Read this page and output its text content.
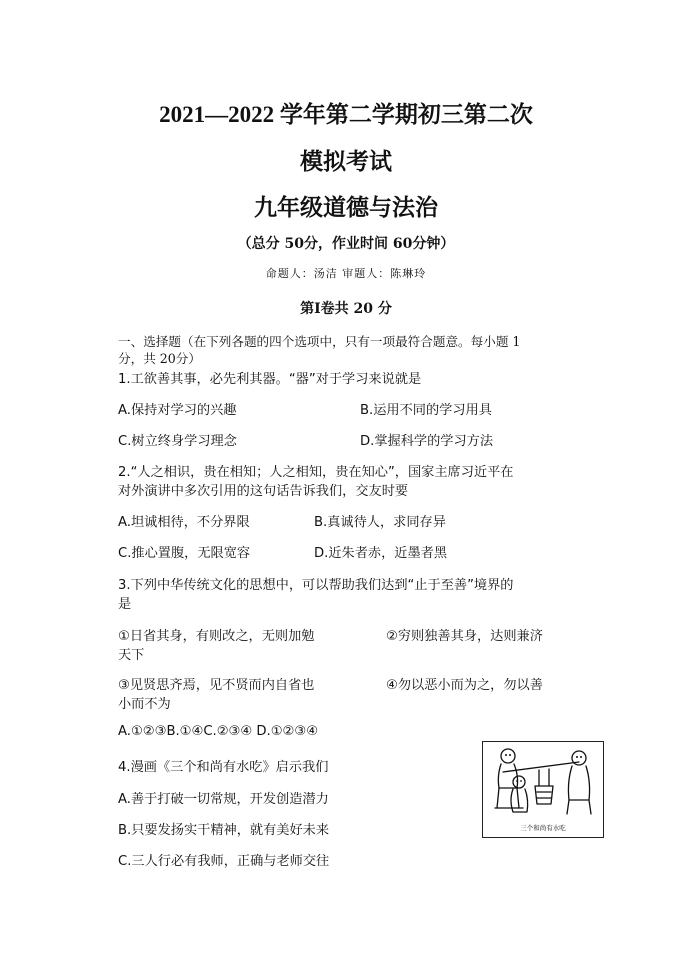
2021—2022 学年第二学期初三第二次
模拟考试
九年级道德与法治
（总分 50分，作业时间 60分钟）
命题人：汤洁 审题人：陈琳玲
第Ⅰ卷共 20 分
一、选择题（在下列各题的四个选项中，只有一项最符合题意。每小题 1
分，共 20分）
1.工欲善其事，必先利其器。“器”对于学习来说就是
A.保持对学习的兴趣	B.运用不同的学习用具
C.树立终身学习理念	D.掌握科学的学习方法
2.“人之相识，贵在相知；人之相知，贵在知心”，国家主席习近平在
对外演讲中多次引用的这句话告诉我们，交友时要
A.坦诚相待，不分界限	B.真诚待人，求同存异
C.推心置腹，无限宽容	D.近朱者赤，近墨者黑
3.下列中华传统文化的思想中，可以帮助我们达到“止于至善”境界的
是
①日省其身，有则改之，无则加勉	②穷则独善其身，达则兼济
天下
③见贤思齐焉，见不贤而内自省也	④勿以恶小而为之，勿以善
小而不为
A.①②③B.①④C.②③④ D.①②③④
4.漫画《三个和尚有水吃》启示我们
A.善于打破一切常规，开发创造潜力
B.只要发扬实干精神，就有美好未来
C.三人行必有我师，正确与老师交往
三个和尚有水吃
